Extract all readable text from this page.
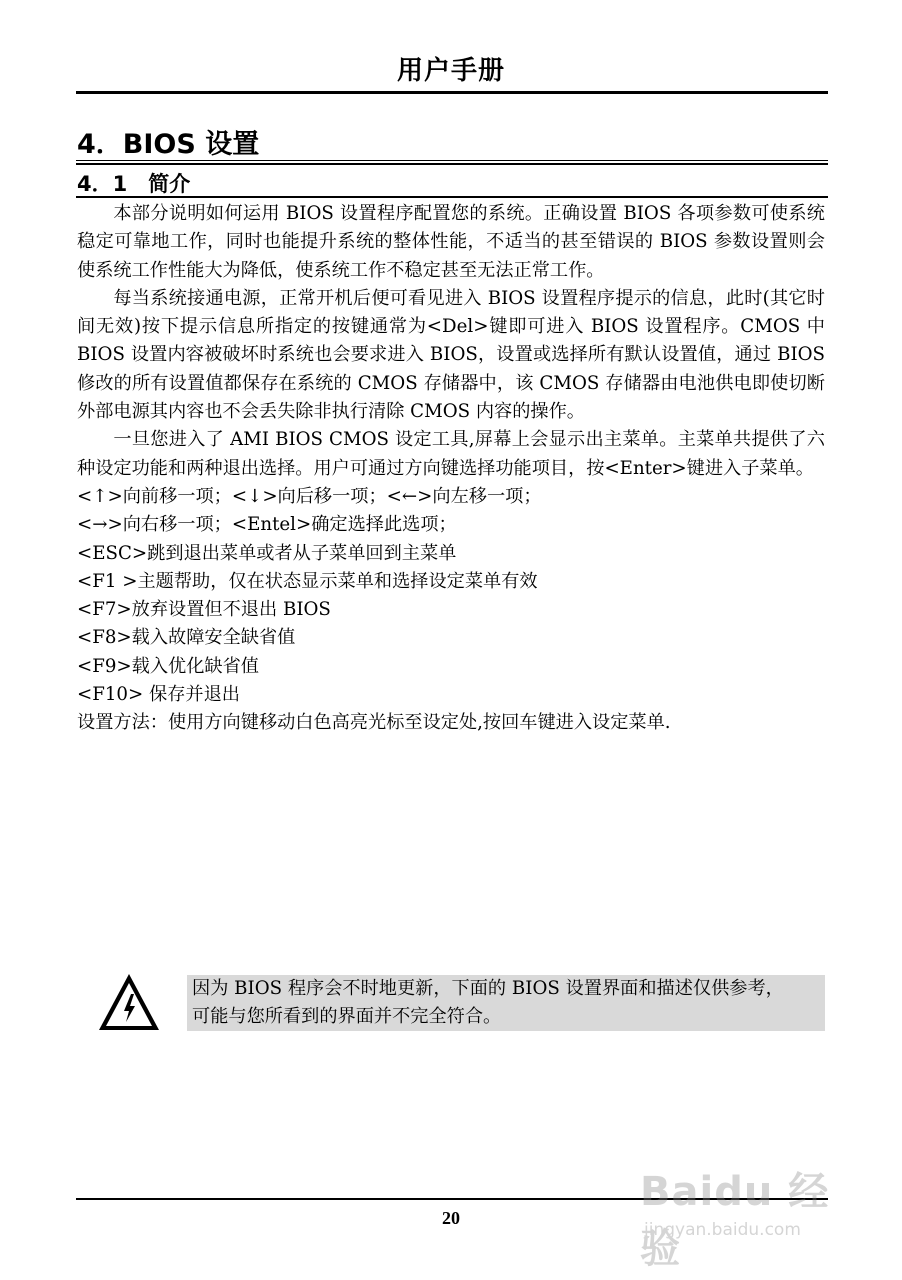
用户手册
4．BIOS 设置
4．1　简介

本部分说明如何运用 BIOS 设置程序配置您的系统。正确设置 BIOS 各项参数可使系统稳定可靠地工作，同时也能提升系统的整体性能，不适当的甚至错误的 BIOS 参数设置则会使系统工作性能大为降低，使系统工作不稳定甚至无法正常工作。

每当系统接通电源，正常开机后便可看见进入 BIOS 设置程序提示的信息，此时(其它时间无效)按下提示信息所指定的按键通常为<Del>键即可进入 BIOS 设置程序。CMOS 中 BIOS 设置内容被破坏时系统也会要求进入 BIOS，设置或选择所有默认设置值，通过 BIOS 修改的所有设置值都保存在系统的 CMOS 存储器中，该 CMOS 存储器由电池供电即使切断外部电源其内容也不会丢失除非执行清除 CMOS 内容的操作。

一旦您进入了 AMI BIOS CMOS 设定工具,屏幕上会显示出主菜单。主菜单共提供了六种设定功能和两种退出选择。用户可通过方向键选择功能项目，按<Enter>键进入子菜单。

<↑>向前移一项；<↓>向后移一项；<←>向左移一项；

<→>向右移一项；<Entel>确定选择此选项；

<ESC>跳到退出菜单或者从子菜单回到主菜单

<F1 >主题帮助，仅在状态显示菜单和选择设定菜单有效

<F7>放弃设置但不退出 BIOS

<F8>载入故障安全缺省值

<F9>载入优化缺省值

<F10> 保存并退出

设置方法：使用方向键移动白色高亮光标至设定处,按回车键进入设定菜单.

因为 BIOS 程序会不时地更新，下面的 BIOS 设置界面和描述仅供参考，

可能与您所看到的界面并不完全符合。

20
Baidu 经验
jingyan.baidu.com
